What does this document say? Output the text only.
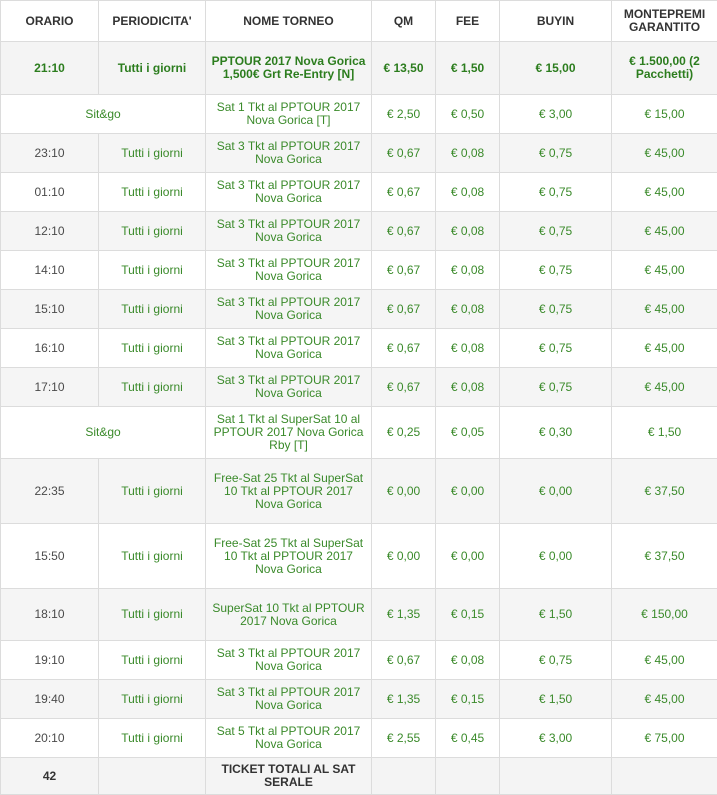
ORARIO	PERIODICITA'	NOME TORNEO	QM	FEE	BUYIN	MONTEPREMI GARANTITO
21:10	Tutti i giorni	PPTOUR 2017 Nova Gorica 1,500€ Grt Re-Entry [N]	€ 13,50	€ 1,50	€ 15,00	€ 1.500,00 (2 Pacchetti)
Sit&go		Sat 1 Tkt al PPTOUR 2017 Nova Gorica [T]	€ 2,50	€ 0,50	€ 3,00	€ 15,00
23:10	Tutti i giorni	Sat 3 Tkt al PPTOUR 2017 Nova Gorica	€ 0,67	€ 0,08	€ 0,75	€ 45,00
01:10	Tutti i giorni	Sat 3 Tkt al PPTOUR 2017 Nova Gorica	€ 0,67	€ 0,08	€ 0,75	€ 45,00
12:10	Tutti i giorni	Sat 3 Tkt al PPTOUR 2017 Nova Gorica	€ 0,67	€ 0,08	€ 0,75	€ 45,00
14:10	Tutti i giorni	Sat 3 Tkt al PPTOUR 2017 Nova Gorica	€ 0,67	€ 0,08	€ 0,75	€ 45,00
15:10	Tutti i giorni	Sat 3 Tkt al PPTOUR 2017 Nova Gorica	€ 0,67	€ 0,08	€ 0,75	€ 45,00
16:10	Tutti i giorni	Sat 3 Tkt al PPTOUR 2017 Nova Gorica	€ 0,67	€ 0,08	€ 0,75	€ 45,00
17:10	Tutti i giorni	Sat 3 Tkt al PPTOUR 2017 Nova Gorica	€ 0,67	€ 0,08	€ 0,75	€ 45,00
Sit&go		Sat 1 Tkt al SuperSat 10 al PPTOUR 2017 Nova Gorica Rby [T]	€ 0,25	€ 0,05	€ 0,30	€ 1,50
22:35	Tutti i giorni	Free-Sat 25 Tkt al SuperSat 10 Tkt al PPTOUR 2017 Nova Gorica	€ 0,00	€ 0,00	€ 0,00	€ 37,50
15:50	Tutti i giorni	Free-Sat 25 Tkt al SuperSat 10 Tkt al PPTOUR 2017 Nova Gorica	€ 0,00	€ 0,00	€ 0,00	€ 37,50
18:10	Tutti i giorni	SuperSat 10 Tkt al PPTOUR 2017 Nova Gorica	€ 1,35	€ 0,15	€ 1,50	€ 150,00
19:10	Tutti i giorni	Sat 3 Tkt al PPTOUR 2017 Nova Gorica	€ 0,67	€ 0,08	€ 0,75	€ 45,00
19:40	Tutti i giorni	Sat 3 Tkt al PPTOUR 2017 Nova Gorica	€ 1,35	€ 0,15	€ 1,50	€ 45,00
20:10	Tutti i giorni	Sat 5 Tkt al PPTOUR 2017 Nova Gorica	€ 2,55	€ 0,45	€ 3,00	€ 75,00
42		TICKET TOTALI AL SAT SERALE				
